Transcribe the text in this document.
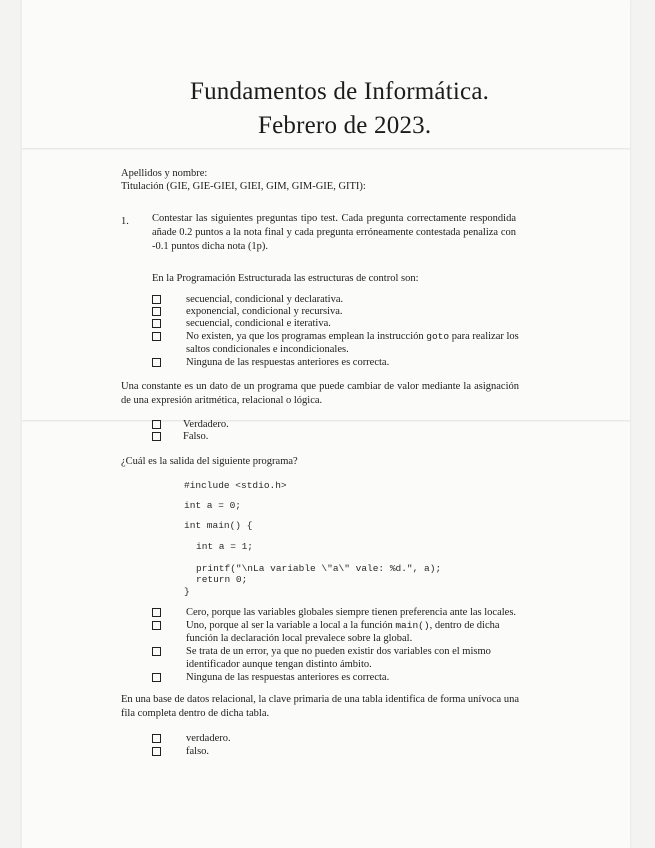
Fundamentos de Informática.
Febrero de 2023.
Apellidos y nombre:
Titulación (GIE, GIE-GIEI, GIEI, GIM, GIM-GIE, GITI):
1. Contestar las siguientes preguntas tipo test. Cada pregunta correctamente respondida añade 0.2 puntos a la nota final y cada pregunta erróneamente contestada penaliza con -0.1 puntos dicha nota (1p).
En la Programación Estructurada las estructuras de control son:
secuencial, condicional y declarativa.
exponencial, condicional y recursiva.
secuencial, condicional e iterativa.
No existen, ya que los programas emplean la instrucción goto para realizar los
saltos condicionales e incondicionales.
Ninguna de las respuestas anteriores es correcta.
Una constante es un dato de un programa que puede cambiar de valor mediante la asignación de una expresión aritmética, relacional o lógica.
Verdadero.
Falso.
¿Cuál es la salida del siguiente programa?
#include <stdio.h>
int a = 0;
int main() {
int a = 1;
printf("\nLa variable \"a\" vale: %d.", a);
return 0;
}
Cero, porque las variables globales siempre tienen preferencia ante las locales.
Uno, porque al ser la variable a local a la función main(), dentro de dicha
función la declaración local prevalece sobre la global.
Se trata de un error, ya que no pueden existir dos variables con el mismo
identificador aunque tengan distinto ámbito.
Ninguna de las respuestas anteriores es correcta.
En una base de datos relacional, la clave primaria de una tabla identifica de forma unívoca una fila completa dentro de dicha tabla.
verdadero.
falso.
